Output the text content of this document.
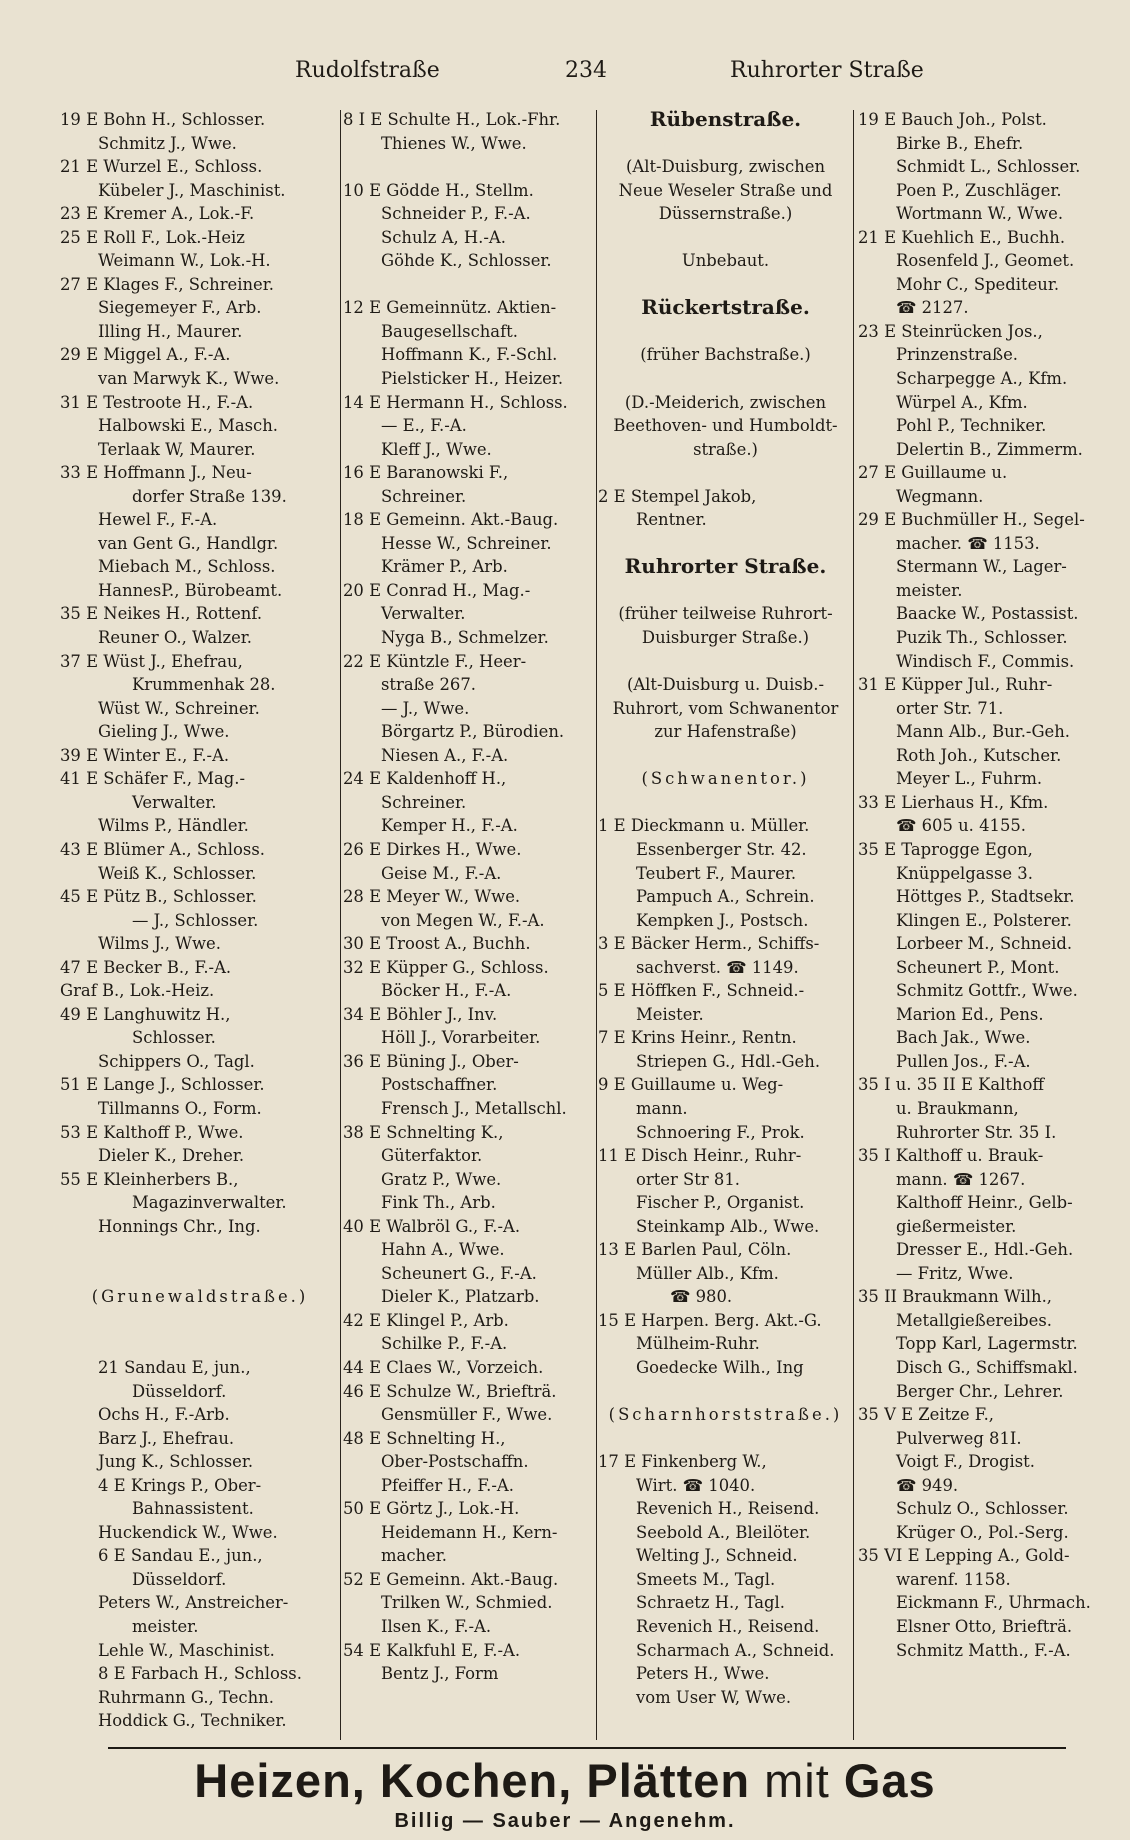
Rudolfstraße	234	Ruhrorter Straße
19 E Bohn H., Schlosser.
Schmitz J., Wwe.
21 E Wurzel E., Schloss.
Kübeler J., Maschinist.
23 E Kremer A., Lok.-F.
25 E Roll F., Lok.-Heiz
Weimann W., Lok.-H.
27 E Klages F., Schreiner.
Siegemeyer F., Arb.
Illing H., Maurer.
29 E Miggel A., F.-A.
van Marwyk K., Wwe.
31 E Testroote H., F.-A.
Halbowski E., Masch.
Terlaak W, Maurer.
33 E Hoffmann J., Neu-
dorfer Straße 139.
Hewel F., F.-A.
van Gent G., Handlgr.
Miebach M., Schloss.
HannesP., Bürobeamt.
35 E Neikes H., Rottenf.
Reuner O., Walzer.
37 E Wüst J., Ehefrau,
Krummenhak 28.
Wüst W., Schreiner.
Gieling J., Wwe.
39 E Winter E., F.-A.
41 E Schäfer F., Mag.-
Verwalter.
Wilms P., Händler.
43 E Blümer A., Schloss.
Weiß K., Schlosser.
45 E Pütz B., Schlosser.
— J., Schlosser.
Wilms J., Wwe.
47 E Becker B., F.-A.
Graf B., Lok.-Heiz.
49 E Langhuwitz H.,
Schlosser.
Schippers O., Tagl.
51 E Lange J., Schlosser.
Tillmanns O., Form.
53 E Kalthoff P., Wwe.
Dieler K., Dreher.
55 E Kleinherbers B.,
Magazinverwalter.
Honnings Chr., Ing.
(Grunewaldstraße.)
21 Sandau E, jun.,
Düsseldorf.
Ochs H., F.-Arb.
Barz J., Ehefrau.
Jung K., Schlosser.
4 E Krings P., Ober-
Bahnassistent.
Huckendick W., Wwe.
6 E Sandau E., jun.,
Düsseldorf.
Peters W., Anstreicher-
meister.
Lehle W., Maschinist.
8 E Farbach H., Schloss.
Ruhrmann G., Techn.
Hoddick G., Techniker.
8 I E Schulte H., Lok.-Fhr.
Thienes W., Wwe.
10 E Gödde H., Stellm.
Schneider P., F.-A.
Schulz A, H.-A.
Göhde K., Schlosser.
12 E Gemeinnütz. Aktien-
Baugesellschaft.
Hoffmann K., F.-Schl.
Pielsticker H., Heizer.
14 E Hermann H., Schloss.
— E., F.-A.
Kleff J., Wwe.
16 E Baranowski F.,
Schreiner.
18 E Gemeinn. Akt.-Baug.
Hesse W., Schreiner.
Krämer P., Arb.
20 E Conrad H., Mag.-
Verwalter.
Nyga B., Schmelzer.
22 E Küntzle F., Heer-
straße 267.
— J., Wwe.
Börgartz P., Bürodien.
Niesen A., F.-A.
24 E Kaldenhoff H.,
Schreiner.
Kemper H., F.-A.
26 E Dirkes H., Wwe.
Geise M., F.-A.
28 E Meyer W., Wwe.
von Megen W., F.-A.
30 E Troost A., Buchh.
32 E Küpper G., Schloss.
Böcker H., F.-A.
34 E Böhler J., Inv.
Höll J., Vorarbeiter.
36 E Büning J., Ober-
Postschaffner.
Frensch J., Metallschl.
38 E Schnelting K.,
Güterfaktor.
Gratz P., Wwe.
Fink Th., Arb.
40 E Walbröl G., F.-A.
Hahn A., Wwe.
Scheunert G., F.-A.
Dieler K., Platzarb.
42 E Klingel P., Arb.
Schilke P., F.-A.
44 E Claes W., Vorzeich.
46 E Schulze W., Briefträ.
Gensmüller F., Wwe.
48 E Schnelting H.,
Ober-Postschaffn.
Pfeiffer H., F.-A.
50 E Görtz J., Lok.-H.
Heidemann H., Kern-
macher.
52 E Gemeinn. Akt.-Baug.
Trilken W., Schmied.
Ilsen K., F.-A.
54 E Kalkfuhl E, F.-A.
Bentz J., Form
Rübenstraße.
(Alt-Duisburg, zwischen
Neue Weseler Straße und
Düssernstraße.)
Unbebaut.
Rückertstraße.
(früher Bachstraße.)
(D.-Meiderich, zwischen
Beethoven- und Humboldt-
straße.)
2 E Stempel Jakob,
Rentner.
Ruhrorter Straße.
(früher teilweise Ruhrort-
Duisburger Straße.)
(Alt-Duisburg u. Duisb.-
Ruhrort, vom Schwanentor
zur Hafenstraße)
(Schwanentor.)
1 E Dieckmann u. Müller.
Essenberger Str. 42.
Teubert F., Maurer.
Pampuch A., Schrein.
Kempken J., Postsch.
3 E Bäcker Herm., Schiffs-
sachverst. ☎ 1149.
5 E Höffken F., Schneid.-
Meister.
7 E Krins Heinr., Rentn.
Striepen G., Hdl.-Geh.
9 E Guillaume u. Weg-
mann.
Schnoering F., Prok.
11 E Disch Heinr., Ruhr-
orter Str 81.
Fischer P., Organist.
Steinkamp Alb., Wwe.
13 E Barlen Paul, Cöln.
Müller Alb., Kfm.
☎ 980.
15 E Harpen. Berg. Akt.-G.
Mülheim-Ruhr.
Goedecke Wilh., Ing
(Scharnhorststraße.)
17 E Finkenberg W.,
Wirt. ☎ 1040.
Revenich H., Reisend.
Seebold A., Bleilöter.
Welting J., Schneid.
Smeets M., Tagl.
Schraetz H., Tagl.
Revenich H., Reisend.
Scharmach A., Schneid.
Peters H., Wwe.
vom User W, Wwe.
19 E Bauch Joh., Polst.
Birke B., Ehefr.
Schmidt L., Schlosser.
Poen P., Zuschläger.
Wortmann W., Wwe.
21 E Kuehlich E., Buchh.
Rosenfeld J., Geomet.
Mohr C., Spediteur.
☎ 2127.
23 E Steinrücken Jos.,
Prinzenstraße.
Scharpegge A., Kfm.
Würpel A., Kfm.
Pohl P., Techniker.
Delertin B., Zimmerm.
27 E Guillaume u.
Wegmann.
29 E Buchmüller H., Segel-
macher. ☎ 1153.
Stermann W., Lager-
meister.
Baacke W., Postassist.
Puzik Th., Schlosser.
Windisch F., Commis.
31 E Küpper Jul., Ruhr-
orter Str. 71.
Mann Alb., Bur.-Geh.
Roth Joh., Kutscher.
Meyer L., Fuhrm.
33 E Lierhaus H., Kfm.
☎ 605 u. 4155.
35 E Taprogge Egon,
Knüppelgasse 3.
Höttges P., Stadtsekr.
Klingen E., Polsterer.
Lorbeer M., Schneid.
Scheunert P., Mont.
Schmitz Gottfr., Wwe.
Marion Ed., Pens.
Bach Jak., Wwe.
Pullen Jos., F.-A.
35 I u. 35 II E Kalthoff
u. Braukmann,
Ruhrorter Str. 35 I.
35 I Kalthoff u. Brauk-
mann. ☎ 1267.
Kalthoff Heinr., Gelb-
gießermeister.
Dresser E., Hdl.-Geh.
— Fritz, Wwe.
35 II Braukmann Wilh.,
Metallgießereibes.
Topp Karl, Lagermstr.
Disch G., Schiffsmakl.
Berger Chr., Lehrer.
35 V E Zeitze F.,
Pulverweg 81I.
Voigt F., Drogist.
☎ 949.
Schulz O., Schlosser.
Krüger O., Pol.-Serg.
35 VI E Lepping A., Gold-
warenf. 1158.
Eickmann F., Uhrmach.
Elsner Otto, Briefträ.
Schmitz Matth., F.-A.
Heizen, Kochen, Plätten mit Gas
Billig — Sauber — Angenehm.
